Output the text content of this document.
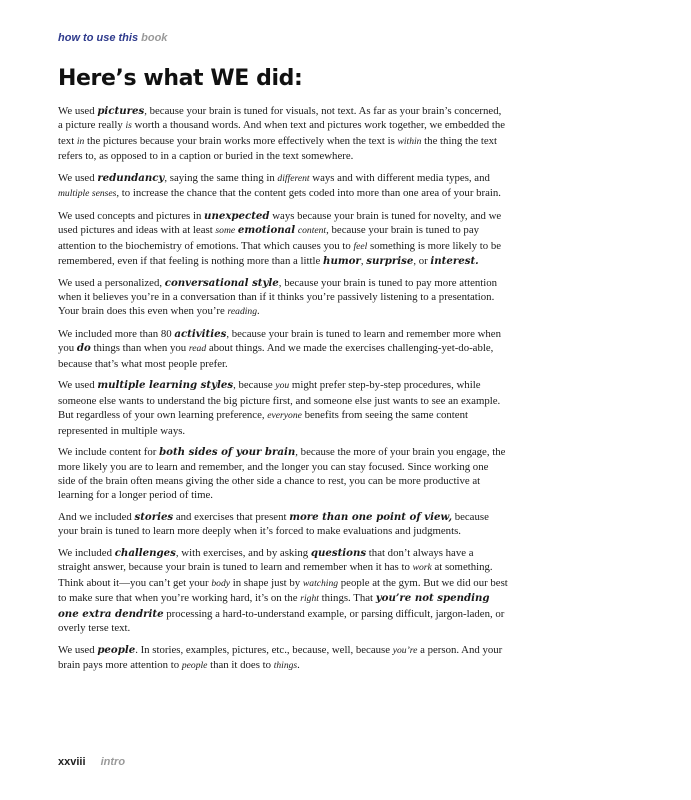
how to use this book
Here’s what WE did:

We used pictures, because your brain is tuned for visuals, not text. As far as your brain’s concerned, a picture really is worth a thousand words. And when text and pictures work together, we embedded the text in the pictures because your brain works more effectively when the text is within the thing the text refers to, as opposed to in a caption or buried in the text somewhere.

We used redundancy, saying the same thing in different ways and with different media types, and multiple senses, to increase the chance that the content gets coded into more than one area of your brain.

We used concepts and pictures in unexpected ways because your brain is tuned for novelty, and we used pictures and ideas with at least some emotional content, because your brain is tuned to pay attention to the biochemistry of emotions. That which causes you to feel something is more likely to be remembered, even if that feeling is nothing more than a little humor, surprise, or interest.

We used a personalized, conversational style, because your brain is tuned to pay more attention when it believes you’re in a conversation than if it thinks you’re passively listening to a presentation. Your brain does this even when you’re reading.

We included more than 80 activities, because your brain is tuned to learn and remember more when you do things than when you read about things. And we made the exercises challenging-yet-do-able, because that’s what most people prefer.

We used multiple learning styles, because you might prefer step-by-step procedures, while someone else wants to understand the big picture first, and someone else just wants to see an example. But regardless of your own learning preference, everyone benefits from seeing the same content represented in multiple ways.

We include content for both sides of your brain, because the more of your brain you engage, the more likely you are to learn and remember, and the longer you can stay focused. Since working one side of the brain often means giving the other side a chance to rest, you can be more productive at learning for a longer period of time.

And we included stories and exercises that present more than one point of view, because your brain is tuned to learn more deeply when it’s forced to make evaluations and judgments.

We included challenges, with exercises, and by asking questions that don’t always have a straight answer, because your brain is tuned to learn and remember when it has to work at something. Think about it—you can’t get your body in shape just by watching people at the gym. But we did our best to make sure that when you’re working hard, it’s on the right things. That you’re not spending one extra dendrite processing a hard-to-understand example, or parsing difficult, jargon-laden, or overly terse text.

We used people. In stories, examples, pictures, etc., because, well, because you’re a person. And your brain pays more attention to people than it does to things.

xxviii intro
